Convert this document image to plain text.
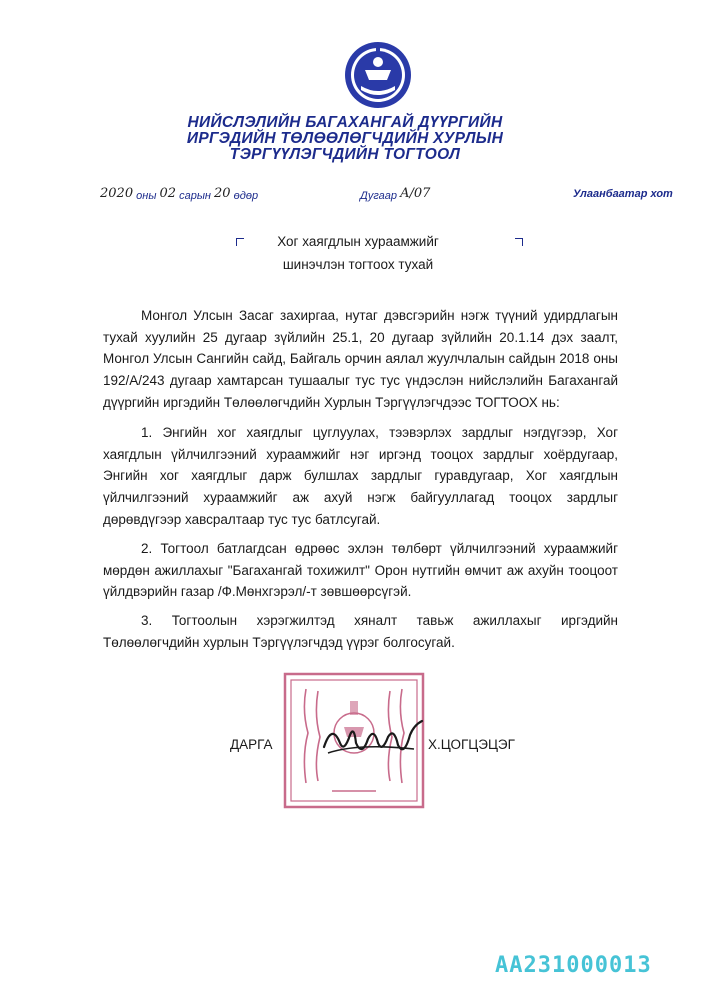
НИЙСЛЭЛИЙН БАГАХАНГАЙ ДҮҮРГИЙН
ИРГЭДИЙН ТӨЛӨӨЛӨГЧДИЙН ХУРЛЫН
ТЭРГҮҮЛЭГЧДИЙН ТОГТООЛ
2020 оны 02 сарын 20 өдөр	Дугаар A/07	Улаанбаатар хот
Хог хаягдлын хураамжийг
шинэчлэн тогтоох тухай
Монгол Улсын Засаг захиргаа, нутаг дэвсгэрийн нэгж түүний удирдлагын тухай хуулийн 25 дугаар зүйлийн 25.1, 20 дугаар зүйлийн 20.1.14 дэх заалт, Монгол Улсын Сангийн сайд, Байгаль орчин аялал жуулчлалын сайдын 2018 оны 192/A/243 дугаар хамтарсан тушаалыг тус тус үндэслэн нийслэлийн Багахангай дүүргийн иргэдийн Төлөөлөгчдийн Хурлын Тэргүүлэгчдээс ТОГТООХ нь:
1. Энгийн хог хаягдлыг цуглуулах, тээвэрлэх зардлыг нэгдүгээр, Хог хаягдлын үйлчилгээний хураамжийг нэг иргэнд тооцох зардлыг хоёрдугаар, Энгийн хог хаягдлыг дарж булшлах зардлыг гуравдугаар, Хог хаягдлын үйлчилгээний хураамжийг аж ахуй нэгж байгууллагад тооцох зардлыг дөрөвдүгээр хавсралтаар тус тус батлсугай.
2. Тогтоол батлагдсан өдрөөс эхлэн төлбөрт үйлчилгээний хураамжийг мөрдөн ажиллахыг "Багахангай тохижилт" Орон нутгийн өмчит аж ахуйн тооцоот үйлдвэрийн газар /Ф.Мөнхгэрэл/-т зөвшөөрсүгэй.
3. Тогтоолын хэрэгжилтэд хяналт тавьж ажиллахыг иргэдийн Төлөөлөгчдийн хурлын Тэргүүлэгчдэд үүрэг болгосугай.
ДАРГА	Х.ЦОГЦЭЦЭГ
АА231000013
